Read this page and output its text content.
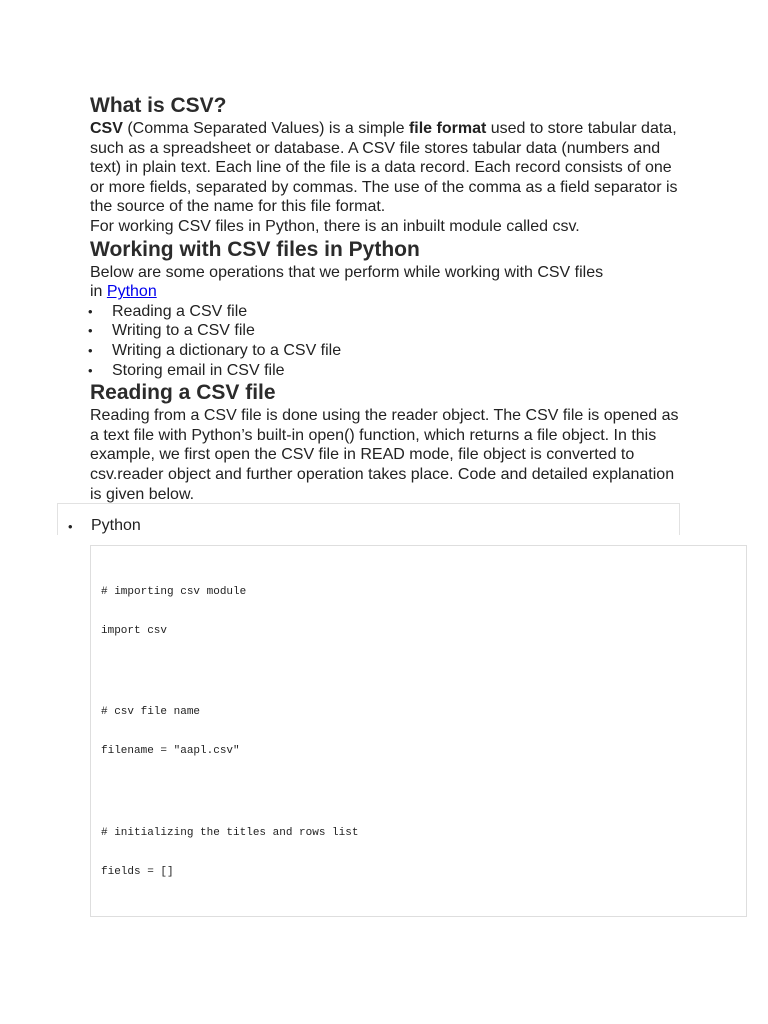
What is CSV?

CSV (Comma Separated Values) is a simple file format used to store tabular data, such as a spreadsheet or database. A CSV file stores tabular data (numbers and text) in plain text. Each line of the file is a data record. Each record consists of one or more fields, separated by commas. The use of the comma as a field separator is the source of the name for this file format.

For working CSV files in Python, there is an inbuilt module called csv.

Working with CSV files in Python

Below are some operations that we perform while working with CSV files
in Python

• Reading a CSV file
• Writing to a CSV file
• Writing a dictionary to a CSV file
• Storing email in CSV file
Reading a CSV file

Reading from a CSV file is done using the reader object. The CSV file is opened as a text file with Python’s built-in open() function, which returns a file object. In this example, we first open the CSV file in READ mode, file object is converted to csv.reader object and further operation takes place. Code and detailed explanation is given below.

• Python
# importing csv module
import csv
# csv file name
filename = "aapl.csv"
# initializing the titles and rows list
fields = []
